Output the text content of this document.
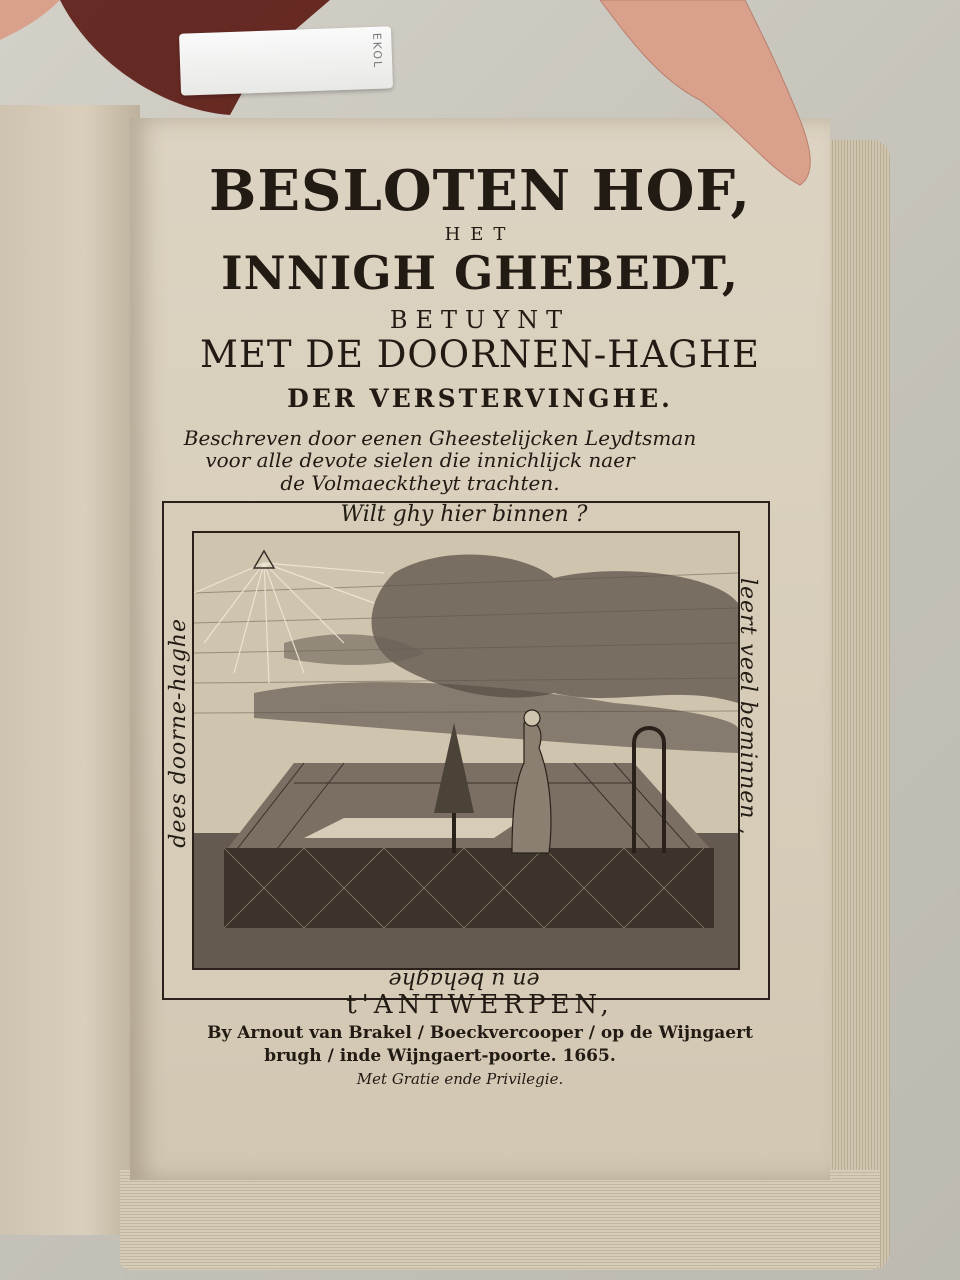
BESLOTEN HOF,
HET
INNIGH GHEBEDT,
BETUYNT
MET DE DOORNEN-HAGHE
DER VERSTERVINGHE.
Beschreven door eenen Gheestelijcken Leydtsman
voor alle devote sielen die innichlijck naer
de Volmaecktheyt trachten.
Wilt ghy hier binnen ?
leert veel beminnen ,
dees doorne-haghe
en u behaghe
t'ANTWERPEN,
By Arnout van Brakel / Boeckvercooper / op de Wijngaert
brugh / inde Wijngaert-poorte. 1665.
Met Gratie ende Privilegie.
EKOL
